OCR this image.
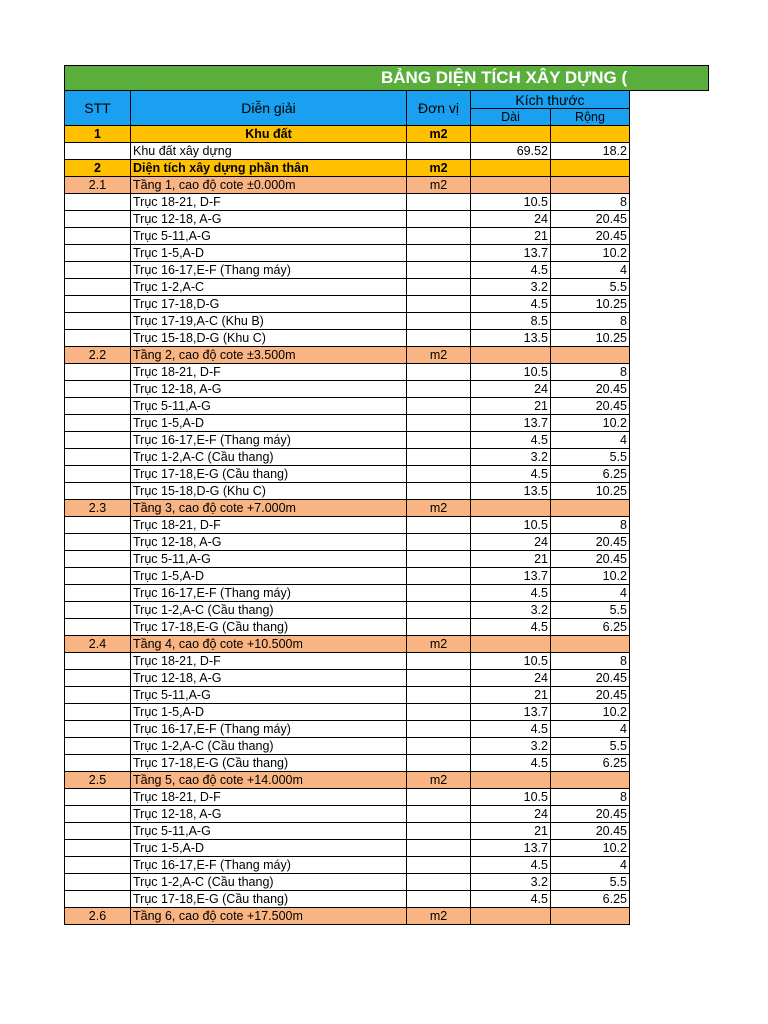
BẢNG DIỆN TÍCH XÂY DỰNG (
STT	Diễn giải	Đơn vị	Kích thước	
			Dài	Rộng
1	Khu đất	m2		
	Khu đất xây dựng		69.52	18.2
2	Diện tích xây dựng phần thân	m2		
2.1	Tầng 1, cao độ cote ±0.000m	m2		
	Trục 18-21, D-F		10.5	8
	Trục 12-18, A-G		24	20.45
	Trục 5-11,A-G		21	20.45
	Trục 1-5,A-D		13.7	10.2
	Trục 16-17,E-F (Thang máy)		4.5	4
	Trục 1-2,A-C		3.2	5.5
	Trục 17-18,D-G		4.5	10.25
	Trục 17-19,A-C (Khu B)		8.5	8
	Trục 15-18,D-G (Khu C)		13.5	10.25
2.2	Tầng 2, cao độ cote ±3.500m	m2		
	Trục 18-21, D-F		10.5	8
	Trục 12-18, A-G		24	20.45
	Trục 5-11,A-G		21	20.45
	Trục 1-5,A-D		13.7	10.2
	Trục 16-17,E-F (Thang máy)		4.5	4
	Trục 1-2,A-C (Cầu thang)		3.2	5.5
	Trục 17-18,E-G (Cầu thang)		4.5	6.25
	Trục 15-18,D-G (Khu C)		13.5	10.25
2.3	Tầng 3, cao độ cote +7.000m	m2		
	Trục 18-21, D-F		10.5	8
	Trục 12-18, A-G		24	20.45
	Trục 5-11,A-G		21	20.45
	Trục 1-5,A-D		13.7	10.2
	Trục 16-17,E-F (Thang máy)		4.5	4
	Trục 1-2,A-C (Cầu thang)		3.2	5.5
	Trục 17-18,E-G (Cầu thang)		4.5	6.25
2.4	Tầng 4, cao độ cote +10.500m	m2		
	Trục 18-21, D-F		10.5	8
	Trục 12-18, A-G		24	20.45
	Trục 5-11,A-G		21	20.45
	Trục 1-5,A-D		13.7	10.2
	Trục 16-17,E-F (Thang máy)		4.5	4
	Trục 1-2,A-C (Cầu thang)		3.2	5.5
	Trục 17-18,E-G (Cầu thang)		4.5	6.25
2.5	Tầng 5, cao độ cote +14.000m	m2		
	Trục 18-21, D-F		10.5	8
	Trục 12-18, A-G		24	20.45
	Trục 5-11,A-G		21	20.45
	Trục 1-5,A-D		13.7	10.2
	Trục 16-17,E-F (Thang máy)		4.5	4
	Trục 1-2,A-C (Cầu thang)		3.2	5.5
	Trục 17-18,E-G (Cầu thang)		4.5	6.25
2.6	Tầng 6, cao độ cote +17.500m	m2		
